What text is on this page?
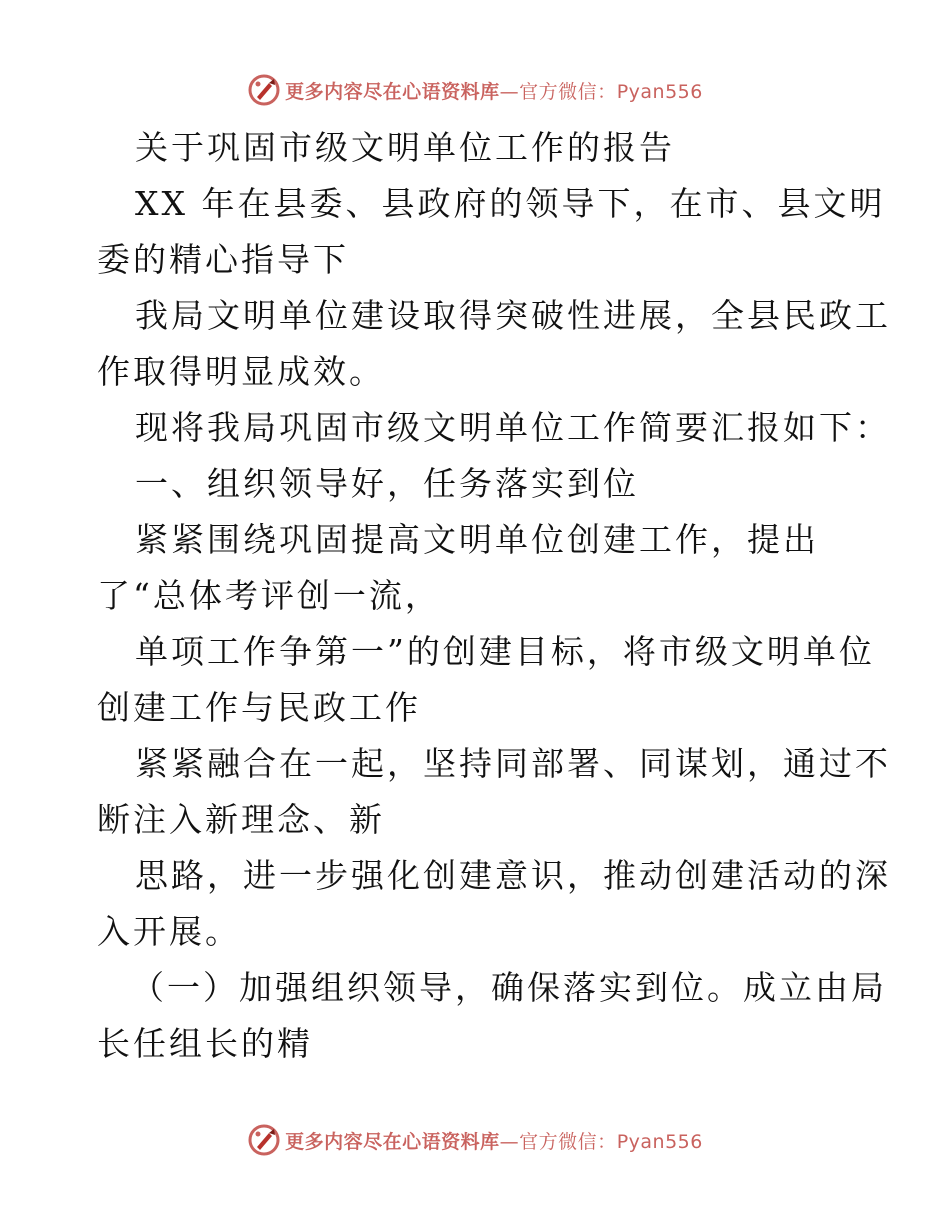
更多内容尽在心语资料库—官方微信：Pyan556
关于巩固市级文明单位工作的报告
XX 年在县委、县政府的领导下，在市、县文明
委的精心指导下
我局文明单位建设取得突破性进展，全县民政工
作取得明显成效。
现将我局巩固市级文明单位工作简要汇报如下：
一、组织领导好，任务落实到位
紧紧围绕巩固提高文明单位创建工作，提出
了“总体考评创一流，
单项工作争第一”的创建目标，将市级文明单位
创建工作与民政工作
紧紧融合在一起，坚持同部署、同谋划，通过不
断注入新理念、新
思路，进一步强化创建意识，推动创建活动的深
入开展。
（一）加强组织领导，确保落实到位。成立由局
长任组长的精
更多内容尽在心语资料库—官方微信：Pyan556
